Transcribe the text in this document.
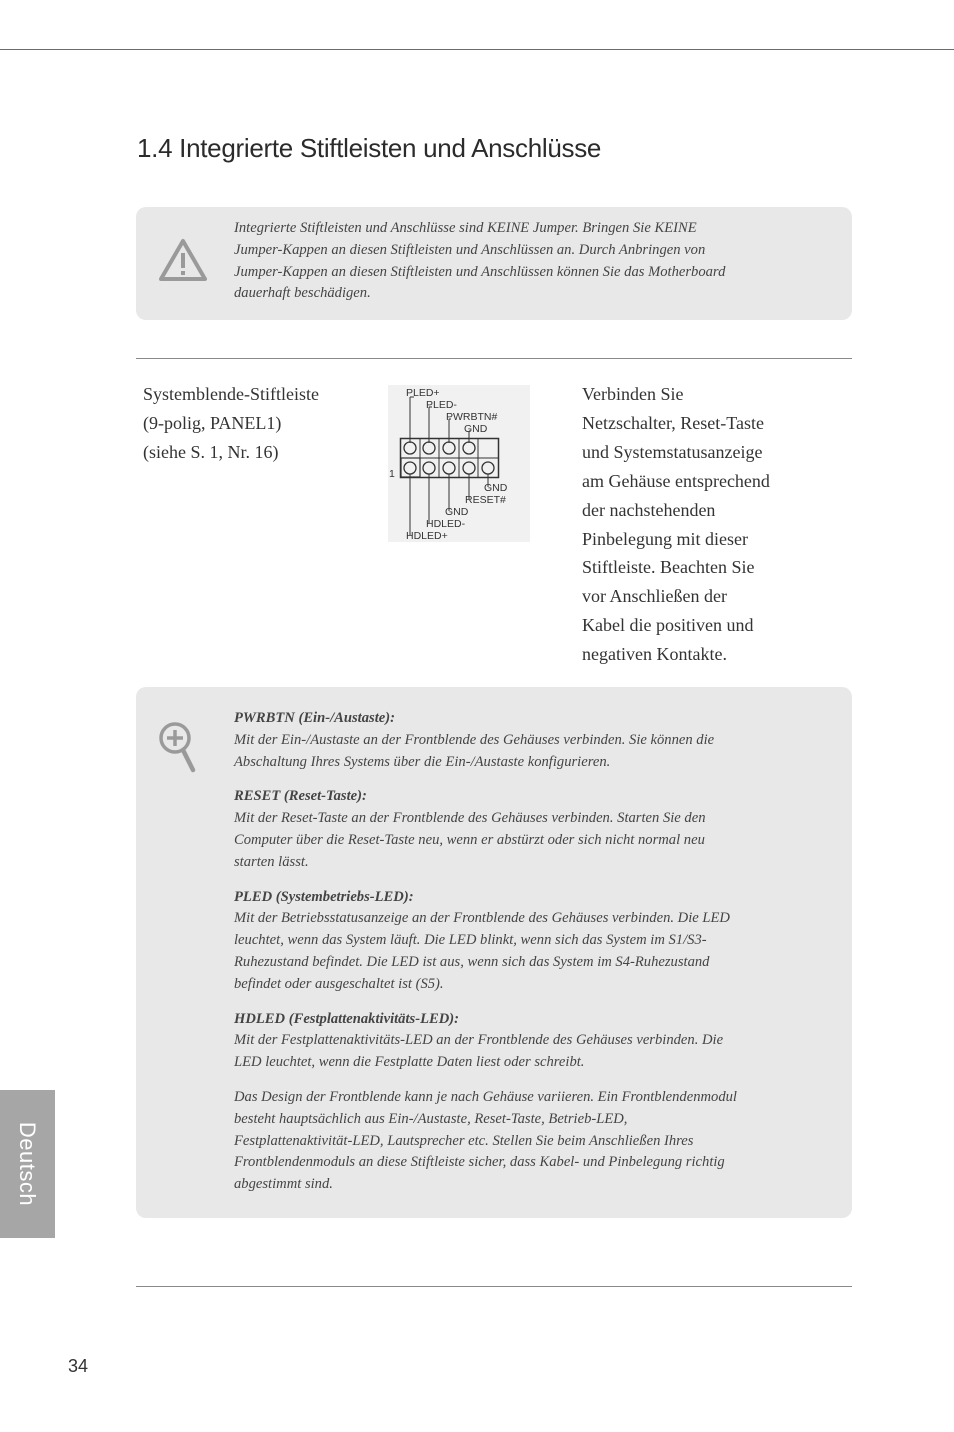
1.4 Integrierte Stiftleisten und Anschlüsse
Integrierte Stiftleisten und Anschlüsse sind KEINE Jumper. Bringen Sie KEINE
Jumper-Kappen an diesen Stiftleisten und Anschlüssen an. Durch Anbringen von
Jumper-Kappen an diesen Stiftleisten und Anschlüssen können Sie das Motherboard
dauerhaft beschädigen.
Systemblende-Stiftleiste
(9-polig, PANEL1)
(siehe S. 1, Nr. 16)
PLED+
PLED-
PWRBTN#
GND
1
GND
RESET#
GND
HDLED-
HDLED+
Verbinden Sie
Netzschalter, Reset-Taste
und Systemstatusanzeige
am Gehäuse entsprechend
der nachstehenden
Pinbelegung mit dieser
Stiftleiste. Beachten Sie
vor Anschließen der
Kabel die positiven und
negativen Kontakte.
PWRBTN (Ein-/Austaste):
Mit der Ein-/Austaste an der Frontblende des Gehäuses verbinden. Sie können die
Abschaltung Ihres Systems über die Ein-/Austaste konfigurieren.
RESET (Reset-Taste):
Mit der Reset-Taste an der Frontblende des Gehäuses verbinden. Starten Sie den
Computer über die Reset-Taste neu, wenn er abstürzt oder sich nicht normal neu
starten lässt.
PLED (Systembetriebs-LED):
Mit der Betriebsstatusanzeige an der Frontblende des Gehäuses verbinden. Die LED
leuchtet, wenn das System läuft. Die LED blinkt, wenn sich das System im S1/S3-
Ruhezustand befindet. Die LED ist aus, wenn sich das System im S4-Ruhezustand
befindet oder ausgeschaltet ist (S5).
HDLED (Festplattenaktivitäts-LED):
Mit der Festplattenaktivitäts-LED an der Frontblende des Gehäuses verbinden. Die
LED leuchtet, wenn die Festplatte Daten liest oder schreibt.
Das Design der Frontblende kann je nach Gehäuse variieren. Ein Frontblendenmodul
besteht hauptsächlich aus Ein-/Austaste, Reset-Taste, Betrieb-LED,
Festplattenaktivität-LED, Lautsprecher etc. Stellen Sie beim Anschließen Ihres
Frontblendenmoduls an diese Stiftleiste sicher, dass Kabel- und Pinbelegung richtig
abgestimmt sind.
Deutsch
34
